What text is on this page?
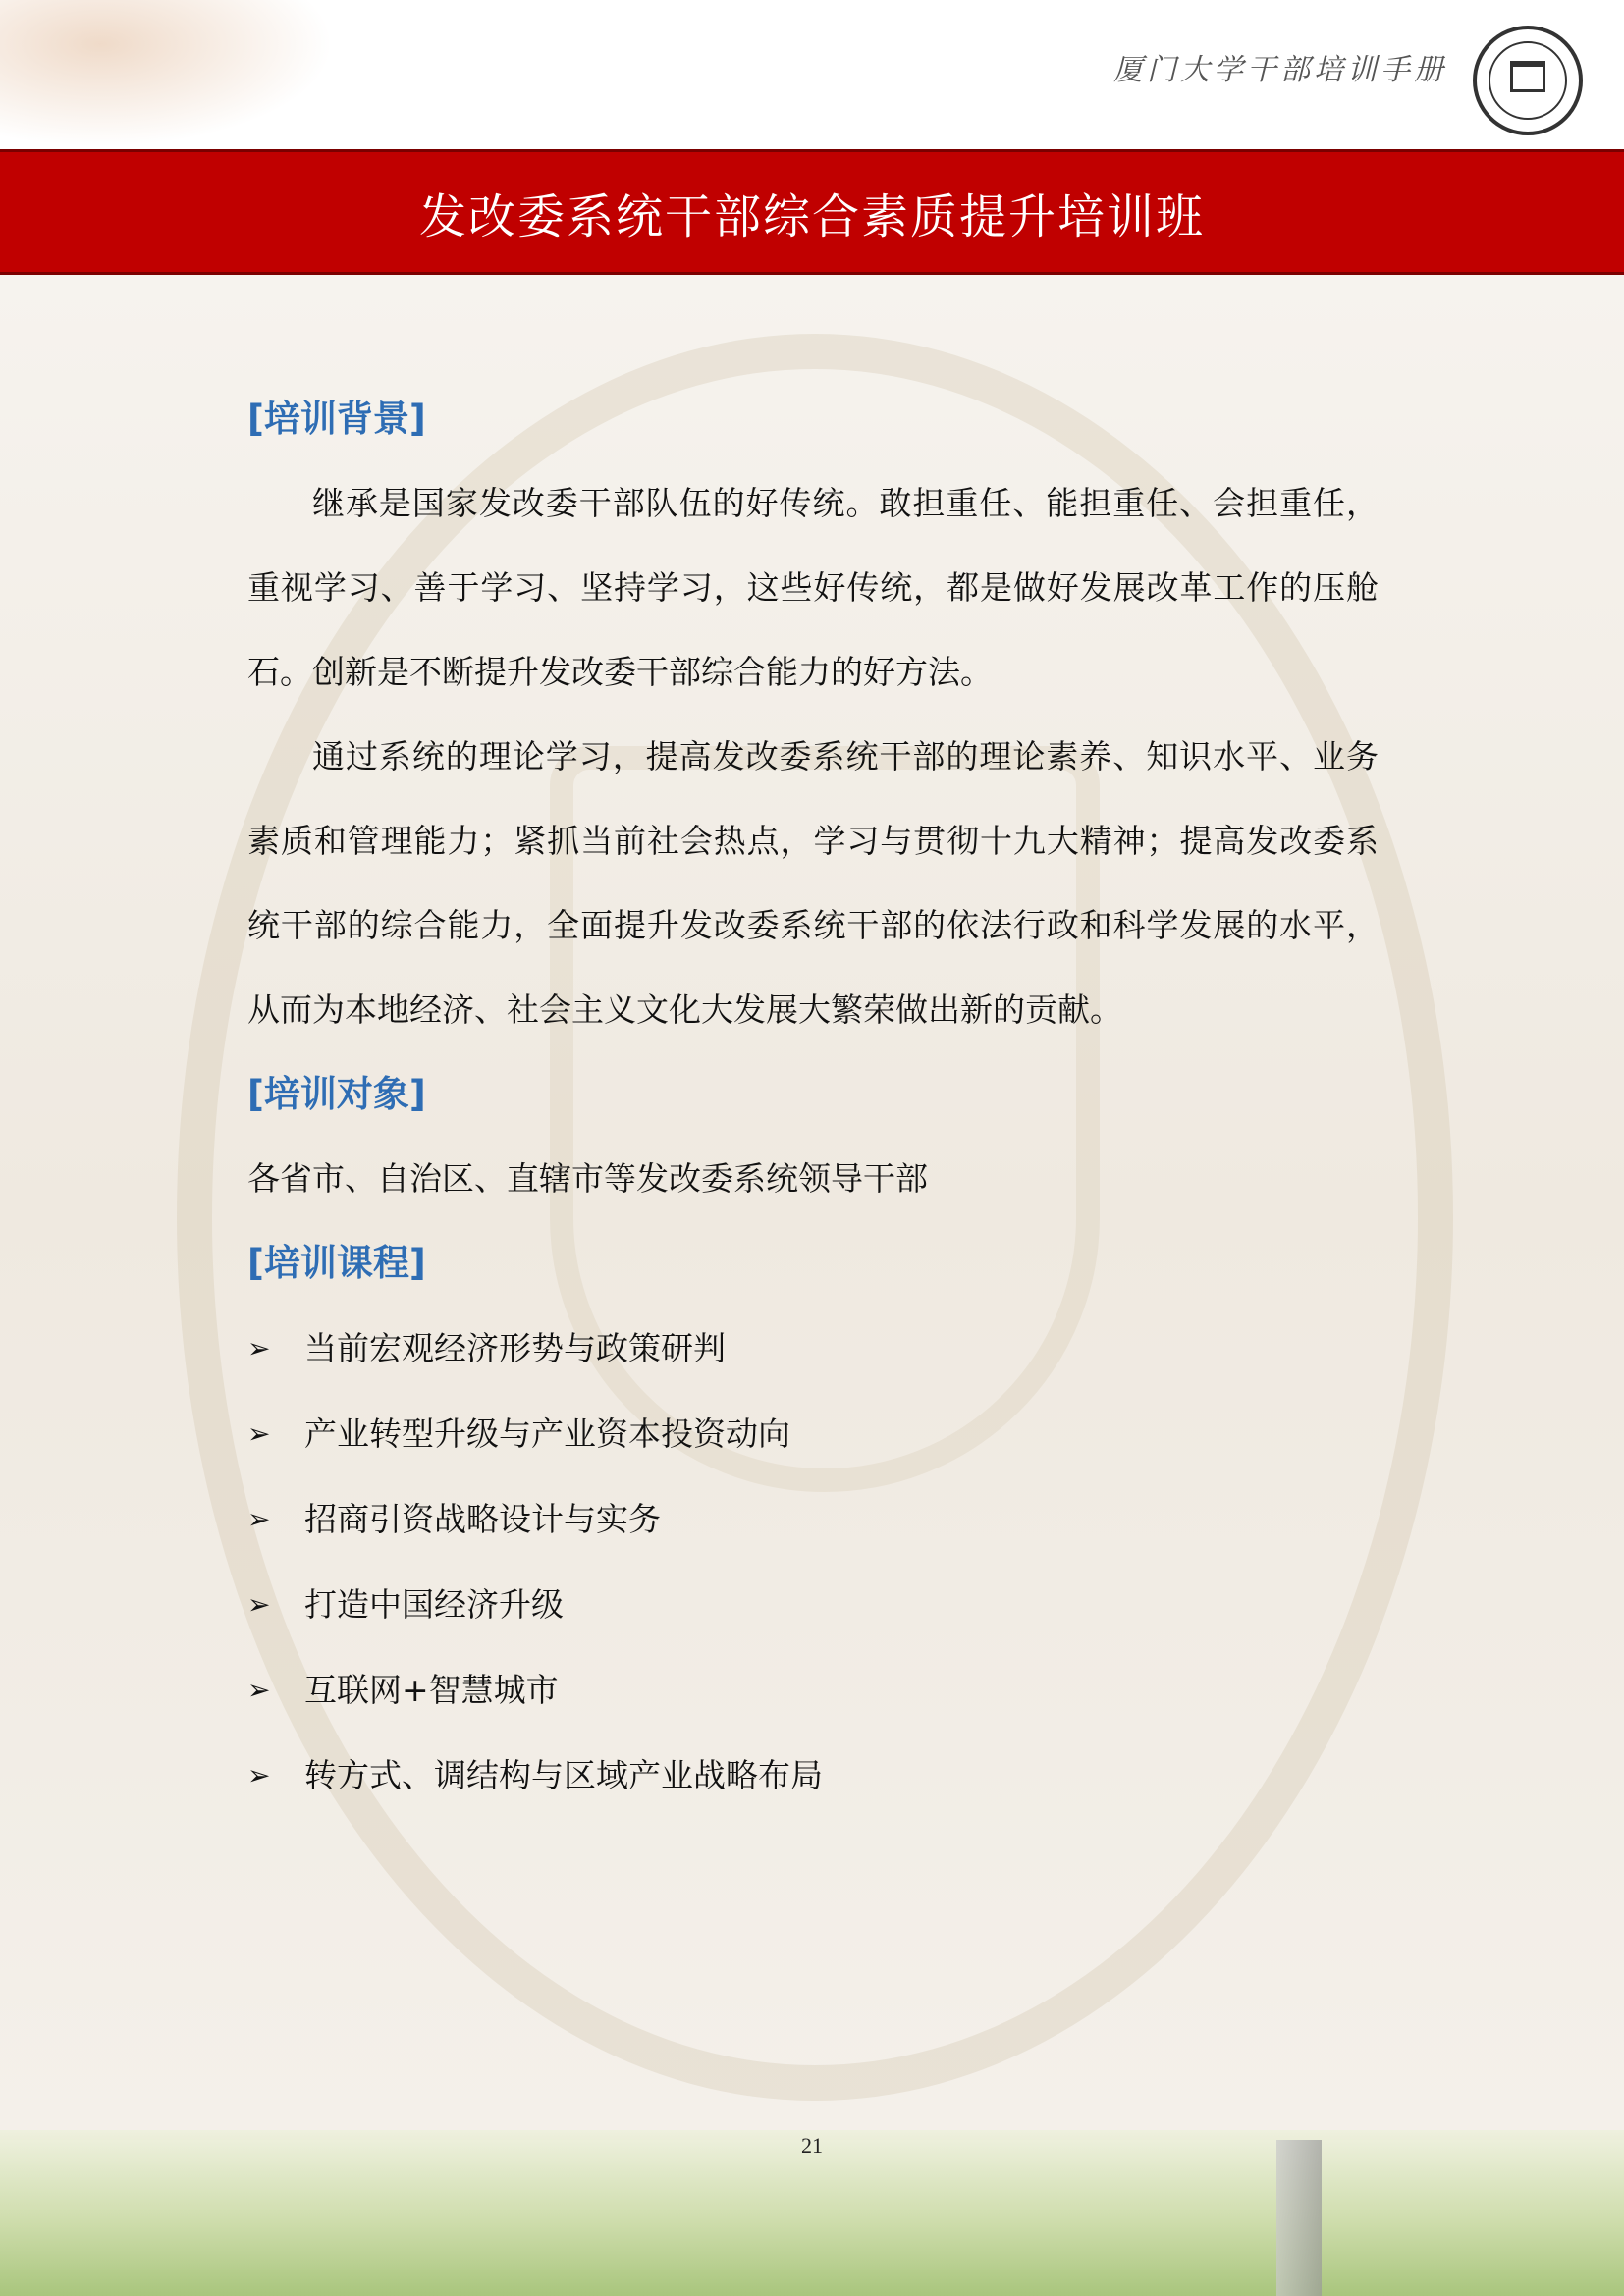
厦门大学干部培训手册
发改委系统干部综合素质提升培训班
[培训背景]

继承是国家发改委干部队伍的好传统。敢担重任、能担重任、会担重任，重视学习、善于学习、坚持学习，这些好传统，都是做好发展改革工作的压舱石。创新是不断提升发改委干部综合能力的好方法。

通过系统的理论学习，提高发改委系统干部的理论素养、知识水平、业务素质和管理能力；紧抓当前社会热点，学习与贯彻十九大精神；提高发改委系统干部的综合能力，全面提升发改委系统干部的依法行政和科学发展的水平，从而为本地经济、社会主义文化大发展大繁荣做出新的贡献。

[培训对象]

各省市、自治区、直辖市等发改委系统领导干部

[培训课程]
➢	当前宏观经济形势与政策研判
➢	产业转型升级与产业资本投资动向
➢	招商引资战略设计与实务
➢	打造中国经济升级
➢	互联网+智慧城市
➢	转方式、调结构与区域产业战略布局
21
